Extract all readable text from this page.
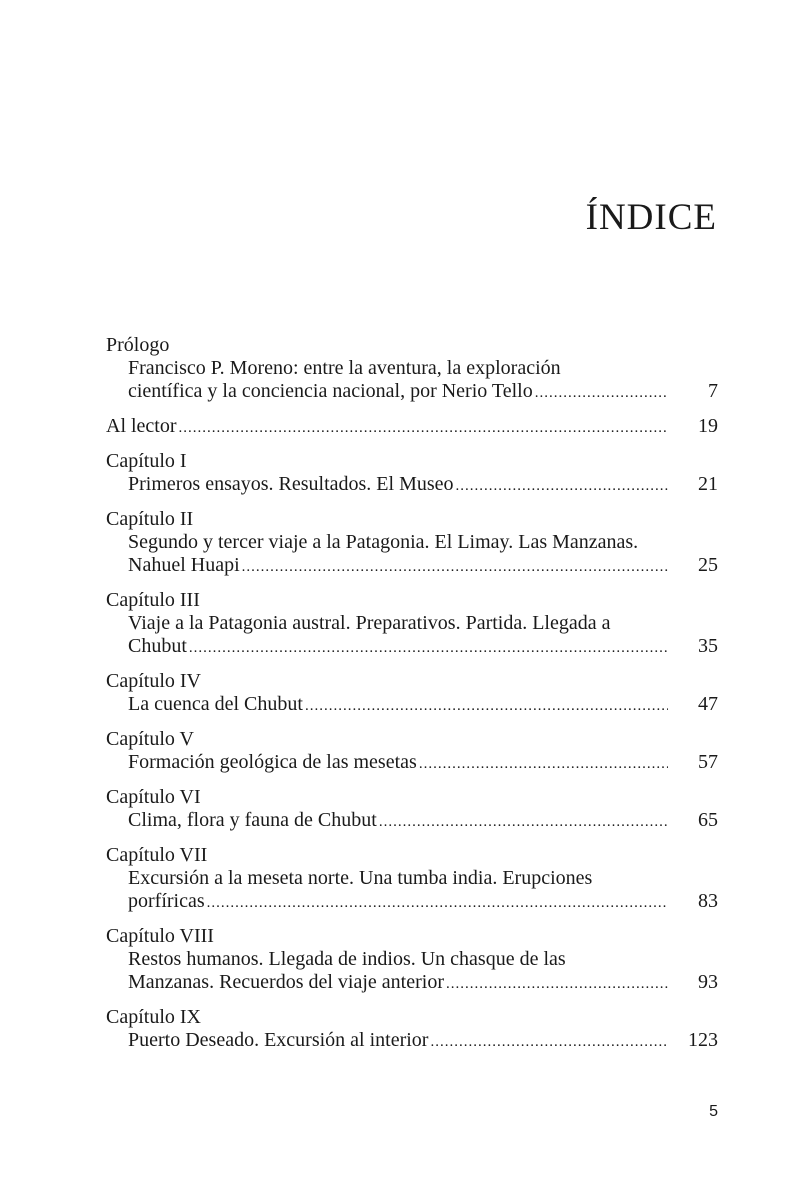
ÍNDICE
Prólogo
Francisco P. Moreno: entre la aventura, la exploración
científica y la conciencia nacional, por Nerio Tello .....	7
Al lector .....	19
Capítulo I
Primeros ensayos. Resultados. El Museo .....	21
Capítulo II
Segundo y tercer viaje a la Patagonia. El Limay. Las Manzanas.
Nahuel Huapi .....	25
Capítulo III
Viaje a la Patagonia austral. Preparativos. Partida. Llegada a
Chubut .....	35
Capítulo IV
La cuenca del Chubut .....	47
Capítulo V
Formación geológica de las mesetas .....	57
Capítulo VI
Clima, flora y fauna de Chubut .....	65
Capítulo VII
Excursión a la meseta norte. Una tumba india. Erupciones
porfíricas .....	83
Capítulo VIII
Restos humanos. Llegada de indios. Un chasque de las
Manzanas. Recuerdos del viaje anterior .....	93
Capítulo IX
Puerto Deseado. Excursión al interior .....	123
5
